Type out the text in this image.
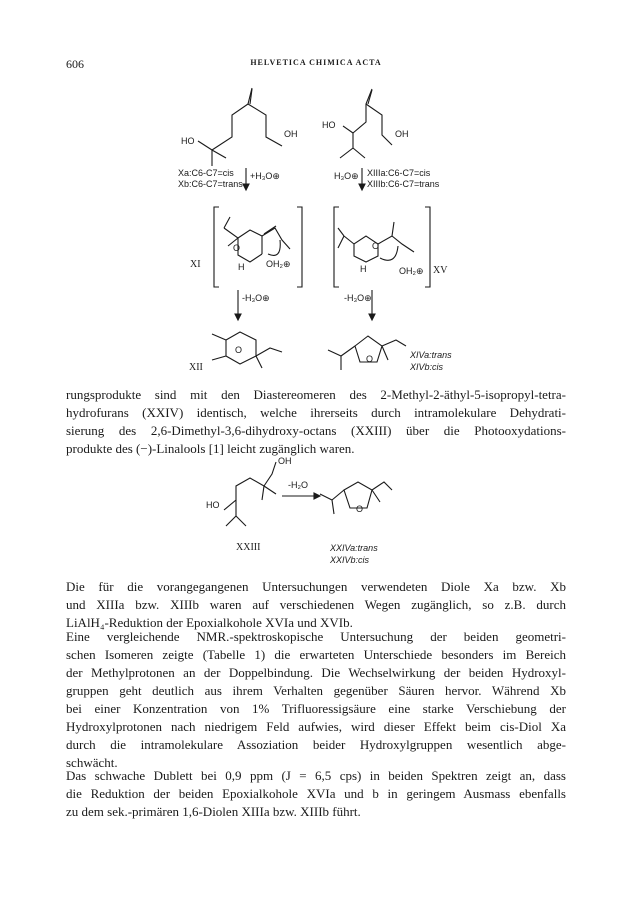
606	HELVETICA CHIMICA ACTA
HO
OH
HO
OH
Xa:C6-C7=cis
Xb:C6-C7=trans
+H₃O⊕	H₃O⊕ XIIIa:C6-C7=cis
XIIIb:C6-C7=trans
O
H OH₂⊕
XI
O
H	OH₂⊕ XV
-H₃O⊕	-H₃O⊕
O
XII
O	XIVa:trans
XIVb:cis
rungsprodukte sind mit den Diastereomeren des 2-Methyl-2-äthyl-5-isopropyl-tetra-
hydrofurans (XXIV) identisch, welche ihrerseits durch intramolekulare Dehydrati-
sierung des 2,6-Dimethyl-3,6-dihydroxy-octans (XXIII) über die Photooxydations-
produkte des (−)-Linalools [1] leicht zugänglich waren.
OH
HO
XXIII
-H₂O
O
XXIVa:trans
XXIVb:cis
Die für die vorangegangenen Untersuchungen verwendeten Diole Xa bzw. Xb
und XIIIa bzw. XIIIb waren auf verschiedenen Wegen zugänglich, so z.B. durch
LiAlH₄-Reduktion der Epoxialkohole XVIa und XVIb.
Eine vergleichende NMR.-spektroskopische Untersuchung der beiden geometri-
schen Isomeren zeigte (Tabelle 1) die erwarteten Unterschiede besonders im Bereich
der Methylprotonen an der Doppelbindung. Die Wechselwirkung der beiden Hydroxyl-
gruppen geht deutlich aus ihrem Verhalten gegenüber Säuren hervor. Während Xb
bei einer Konzentration von 1% Trifluoressigsäure eine starke Verschiebung der
Hydroxylprotonen nach niedrigem Feld aufwies, wird dieser Effekt beim cis-Diol Xa
durch die intramolekulare Assoziation beider Hydroxylgruppen wesentlich abge-
schwächt.
Das schwache Dublett bei 0,9 ppm (J = 6,5 cps) in beiden Spektren zeigt an, dass
die Reduktion der beiden Epoxialkohole XVIa und b in geringem Ausmass ebenfalls
zu dem sek.-primären 1,6-Diolen XIIIa bzw. XIIIb führt.
